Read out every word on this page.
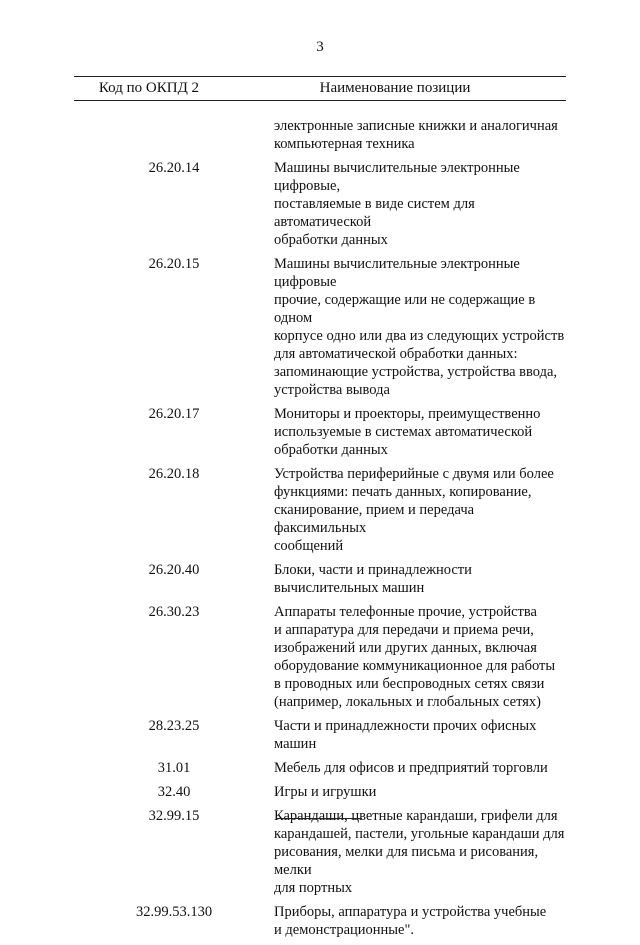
3
Код по ОКПД 2	Наименование позиции
электронные записные книжки и аналогичная
компьютерная техника
26.20.14	Машины вычислительные электронные цифровые,
поставляемые в виде систем для автоматической
обработки данных
26.20.15	Машины вычислительные электронные цифровые
прочие, содержащие или не содержащие в одном
корпусе одно или два из следующих устройств
для автоматической обработки данных:
запоминающие устройства, устройства ввода,
устройства вывода
26.20.17	Мониторы и проекторы, преимущественно
используемые в системах автоматической
обработки данных
26.20.18	Устройства периферийные с двумя или более
функциями: печать данных, копирование,
сканирование, прием и передача факсимильных
сообщений
26.20.40	Блоки, части и принадлежности
вычислительных машин
26.30.23	Аппараты телефонные прочие, устройства
и аппаратура для передачи и приема речи,
изображений или других данных, включая
оборудование коммуникационное для работы
в проводных или беспроводных сетях связи
(например, локальных и глобальных сетях)
28.23.25	Части и принадлежности прочих офисных машин
31.01	Мебель для офисов и предприятий торговли
32.40	Игры и игрушки
32.99.15	Карандаши, цветные карандаши, грифели для
карандашей, пастели, угольные карандаши для
рисования, мелки для письма и рисования, мелки
для портных
32.99.53.130	Приборы, аппаратура и устройства учебные
и демонстрационные".
